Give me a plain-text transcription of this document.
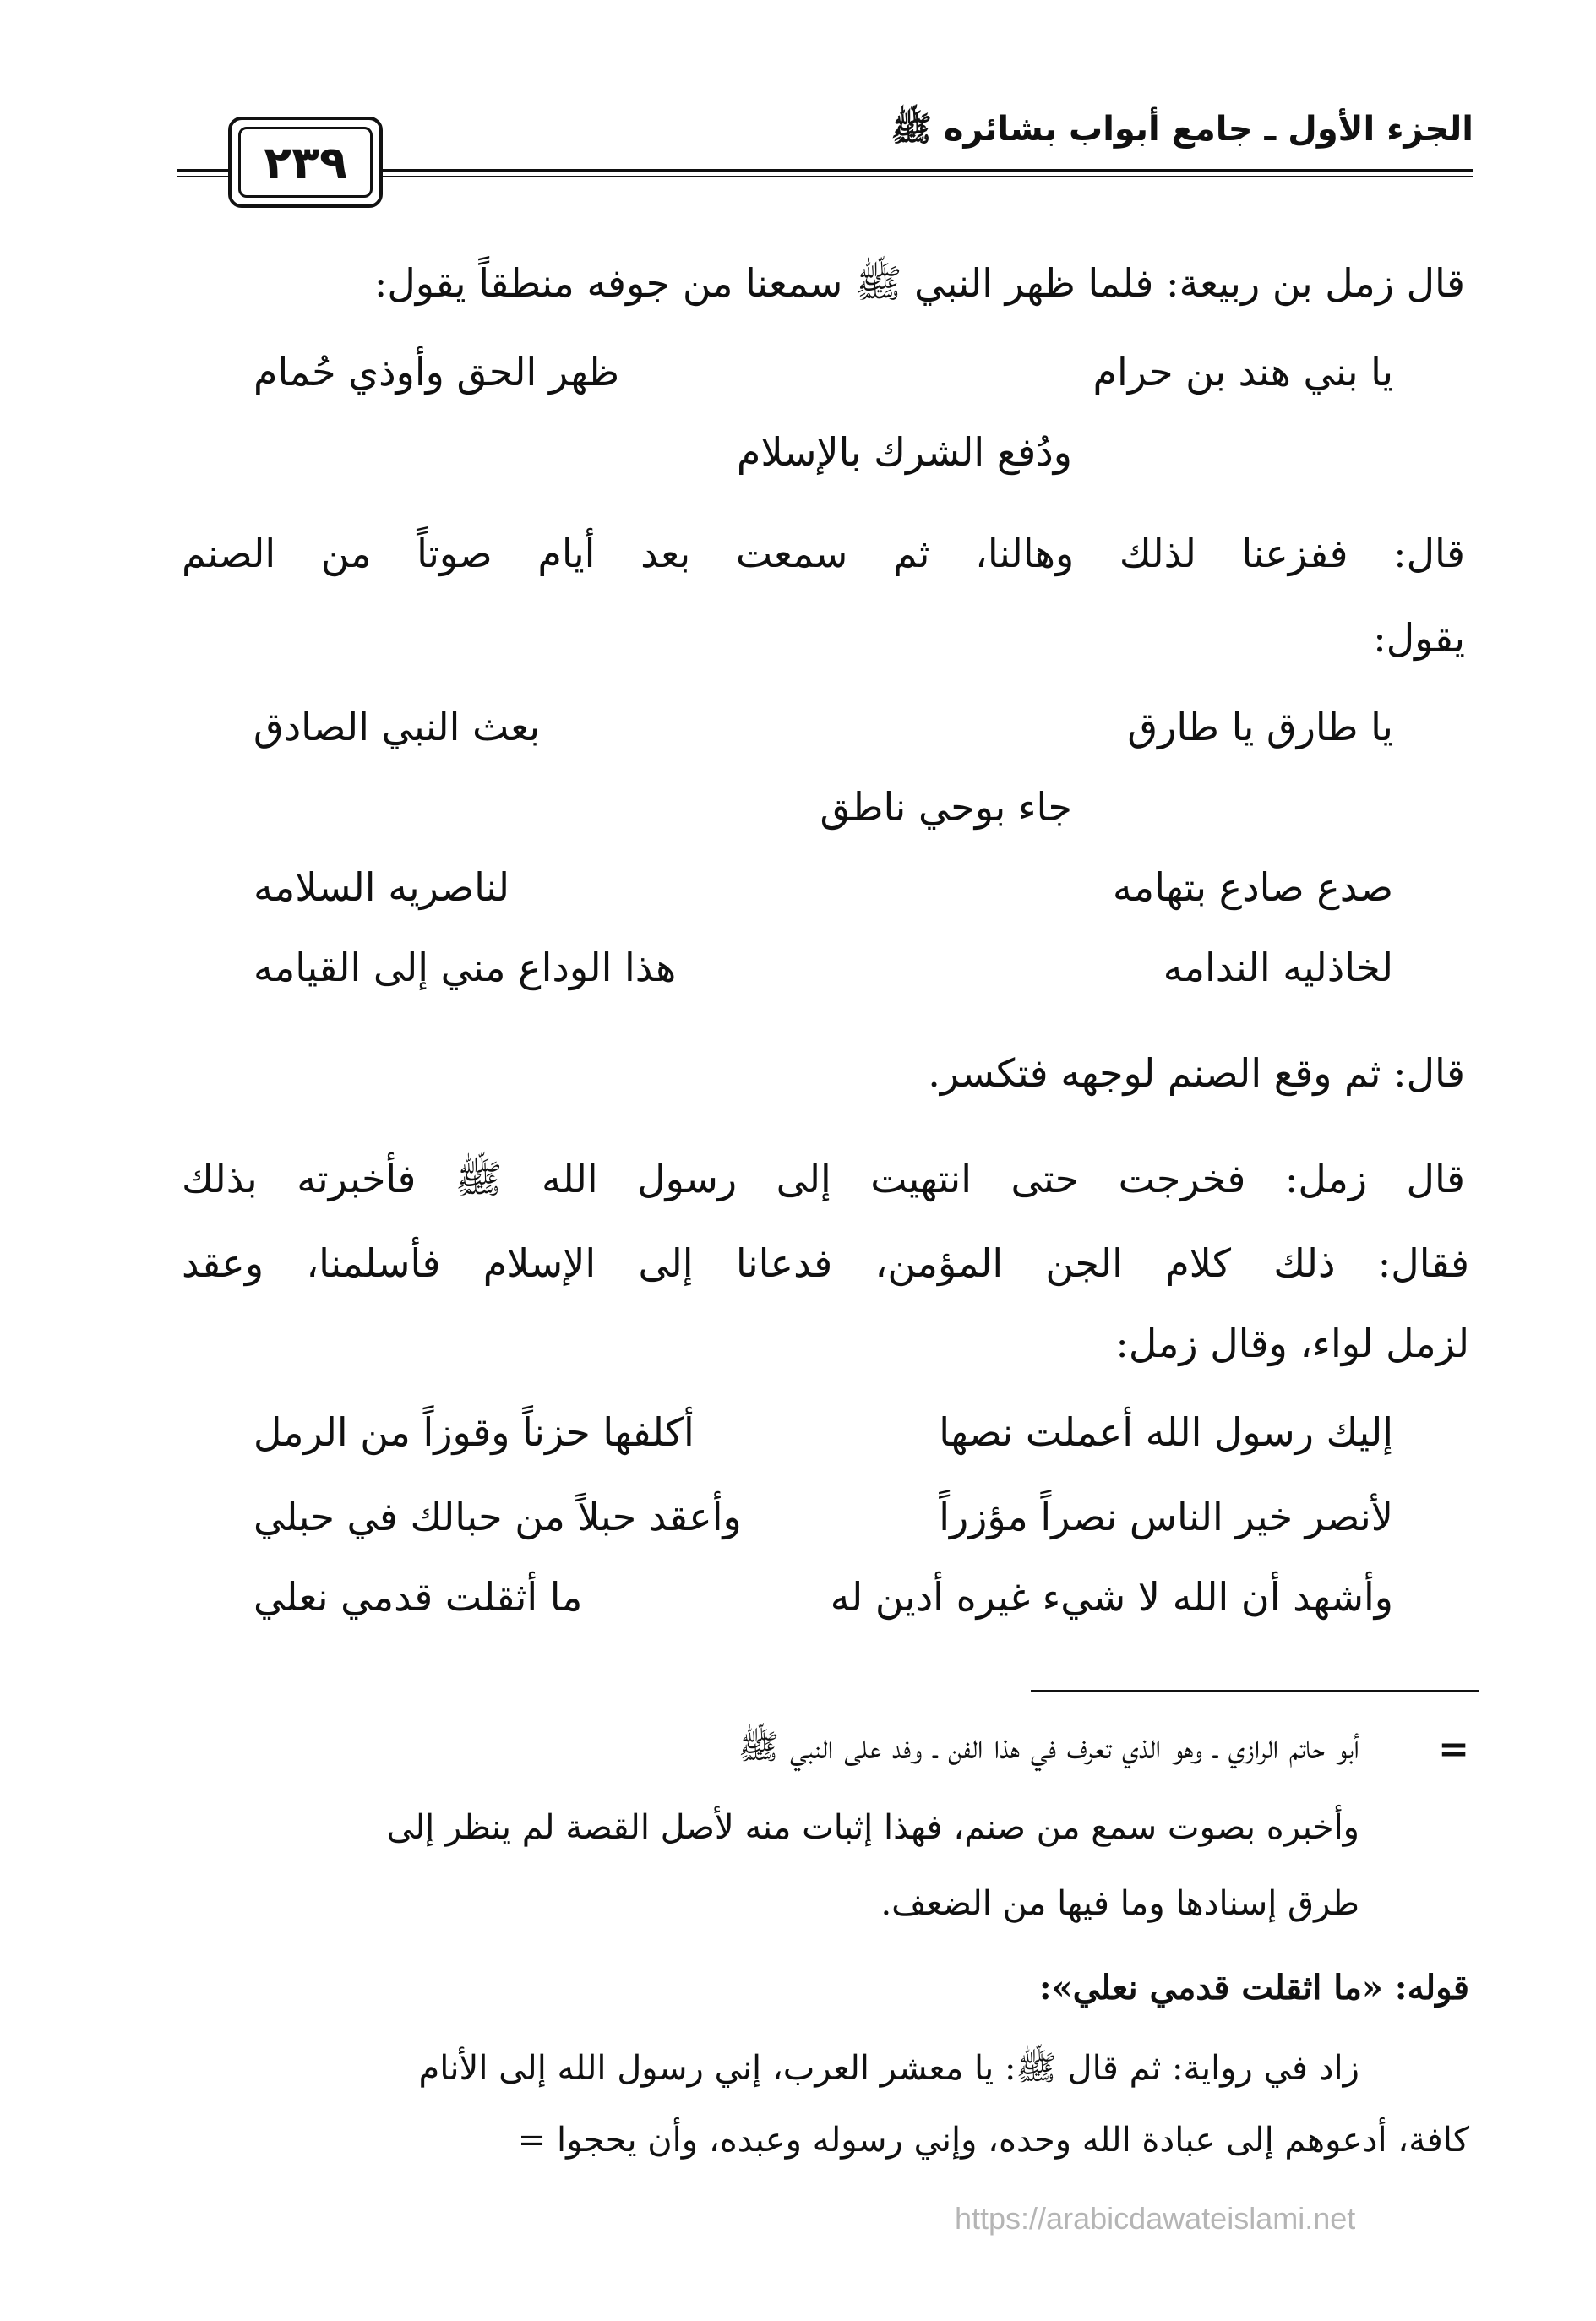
الجزء الأول ـ جامع أبواب بشائره ﷺ
٢٣٩
قال زمل بن ربيعة: فلما ظهر النبي ﷺ سمعنا من جوفه منطقاً يقول:
يا بني هند بن حرام
ظهر الحق وأوذي حُمام
ودُفع الشرك بالإسلام
قال: ففزعنا لذلك وهالنا، ثم سمعت بعد أيام صوتاً من الصنم
يقول:
يا طارق يا طارق
بعث النبي الصادق
جاء بوحي ناطق
صدع صادع بتهامه
لناصريه السلامه
لخاذليه الندامه
هذا الوداع مني إلى القيامه
قال: ثم وقع الصنم لوجهه فتكسر.
قال زمل: فخرجت حتى انتهيت إلى رسول الله ﷺ فأخبرته بذلك
فقال: ذلك كلام الجن المؤمن، فدعانا إلى الإسلام فأسلمنا، وعقد
لزمل لواء، وقال زمل:
إليك رسول الله أعملت نصها
أكلفها حزناً وقوزاً من الرمل
لأنصر خير الناس نصراً مؤزراً
وأعقد حبلاً من حبالك في حبلي
وأشهد أن الله لا شيء غيره أدين له
ما أثقلت قدمي نعلي
=
أبو حاتم الرازي ـ وهو الذي تعرف في هذا الفن ـ وفد على النبي ﷺ
وأخبره بصوت سمع من صنم، فهذا إثبات منه لأصل القصة لم ينظر إلى
طرق إسنادها وما فيها من الضعف.
قوله: «ما اثقلت قدمي نعلي»:
زاد في رواية: ثم قال ﷺ: يا معشر العرب، إني رسول الله إلى الأنام
كافة، أدعوهم إلى عبادة الله وحده، وإني رسوله وعبده، وأن يحجوا =
https://arabicdawateislami.net
